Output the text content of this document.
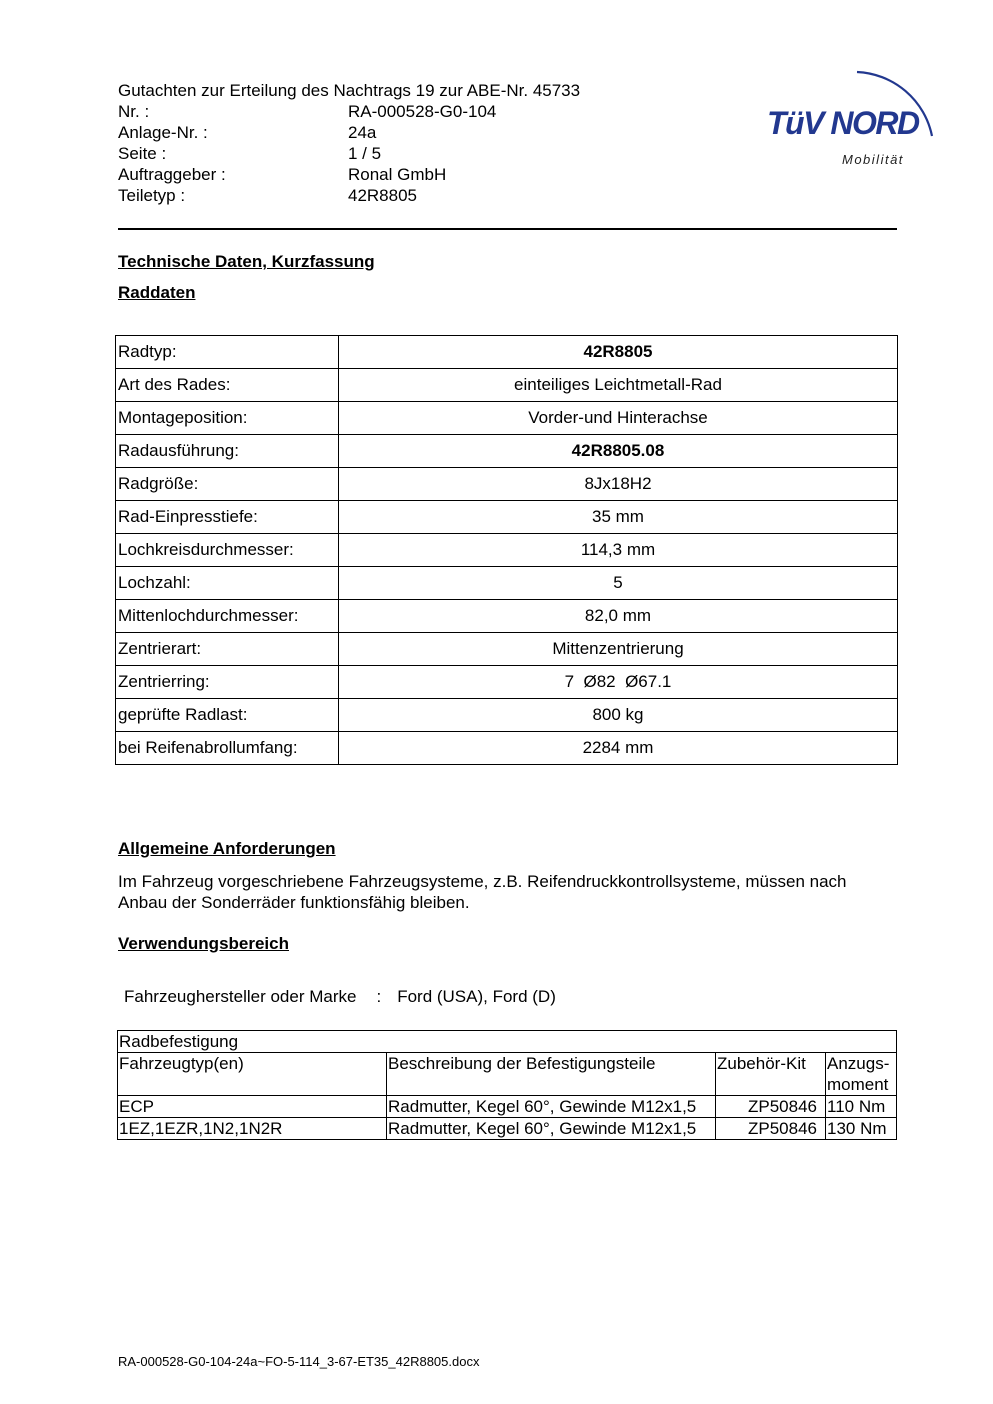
Gutachten zur Erteilung des Nachtrags 19 zur ABE-Nr. 45733
Nr. :	RA-000528-G0-104
Anlage-Nr. :	24a
Seite :	1 / 5
Auftraggeber :	Ronal GmbH
Teiletyp :	42R8805
TüV NORD
Mobilität
Technische Daten, Kurzfassung
Raddaten
Radtyp:	42R8805
Art des Rades:	einteiliges Leichtmetall-Rad
Montageposition:	Vorder-und Hinterachse
Radausführung:	42R8805.08
Radgröße:	8Jx18H2
Rad-Einpresstiefe:	35 mm
Lochkreisdurchmesser:	114,3 mm
Lochzahl:	5
Mittenlochdurchmesser:	82,0 mm
Zentrierart:	Mittenzentrierung
Zentrierring:	7  Ø82  Ø67.1
geprüfte Radlast:	800 kg
bei Reifenabrollumfang:	2284 mm
Allgemeine Anforderungen
Im Fahrzeug vorgeschriebene Fahrzeugsysteme, z.B. Reifendruckkontrollsysteme, müssen nach Anbau der Sonderräder funktionsfähig bleiben.
Verwendungsbereich
Fahrzeughersteller oder Marke : Ford (USA), Ford (D)
Radbefestigung			
Fahrzeugtyp(en)	Beschreibung der Befestigungsteile	Zubehör-Kit	Anzugs-moment
ECP	Radmutter, Kegel 60°, Gewinde M12x1,5	ZP50846	110 Nm
1EZ,1EZR,1N2,1N2R	Radmutter, Kegel 60°, Gewinde M12x1,5	ZP50846	130 Nm
RA-000528-G0-104-24a~FO-5-114_3-67-ET35_42R8805.docx
